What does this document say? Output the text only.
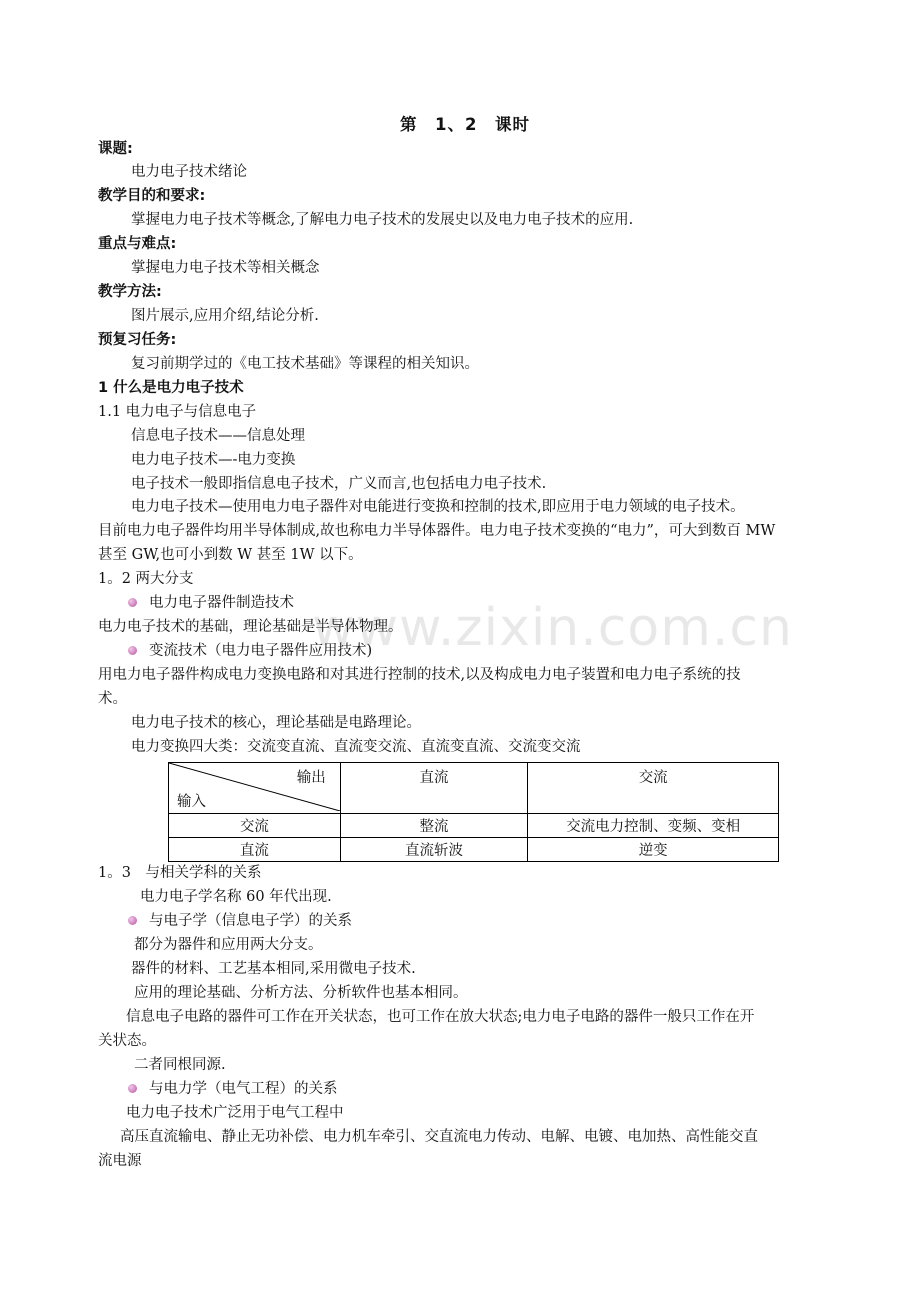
www.zixin.com.cn
第　1、2　课时
课题:
电力电子技术绪论
教学目的和要求:
掌握电力电子技术等概念,了解电力电子技术的发展史以及电力电子技术的应用.
重点与难点:
掌握电力电子技术等相关概念
教学方法:
图片展示,应用介绍,结论分析.
预复习任务:
复习前期学过的《电工技术基础》等课程的相关知识。
1 什么是电力电子技术
1.1 电力电子与信息电子
信息电子技术——信息处理
电力电子技术—-电力变换
电子技术一般即指信息电子技术，广义而言,也包括电力电子技术.
电力电子技术—使用电力电子器件对电能进行变换和控制的技术,即应用于电力领域的电子技术。
目前电力电子器件均用半导体制成,故也称电力半导体器件。电力电子技术变换的“电力”，可大到数百 MW
甚至 GW,也可小到数 W 甚至 1W 以下。
1。2 两大分支
电力电子器件制造技术
电力电子技术的基础，理论基础是半导体物理。
变流技术（电力电子器件应用技术)
用电力电子器件构成电力变换电路和对其进行控制的技术,以及构成电力电子装置和电力电子系统的技
术。
电力电子技术的核心，理论基础是电路理论。
电力变换四大类：交流变直流、直流变交流、直流变直流、交流变交流
输出
输入	直流	交流
交流	整流	交流电力控制、变频、变相
直流	直流斩波	逆变
1。3　与相关学科的关系
电力电子学名称 60 年代出现.
与电子学（信息电子学）的关系
都分为器件和应用两大分支。
器件的材料、工艺基本相同,采用微电子技术.
应用的理论基础、分析方法、分析软件也基本相同。
信息电子电路的器件可工作在开关状态，也可工作在放大状态;电力电子电路的器件一般只工作在开
关状态。
二者同根同源.
与电力学（电气工程）的关系
电力电子技术广泛用于电气工程中
高压直流输电、静止无功补偿、电力机车牵引、交直流电力传动、电解、电镀、电加热、高性能交直
流电源
